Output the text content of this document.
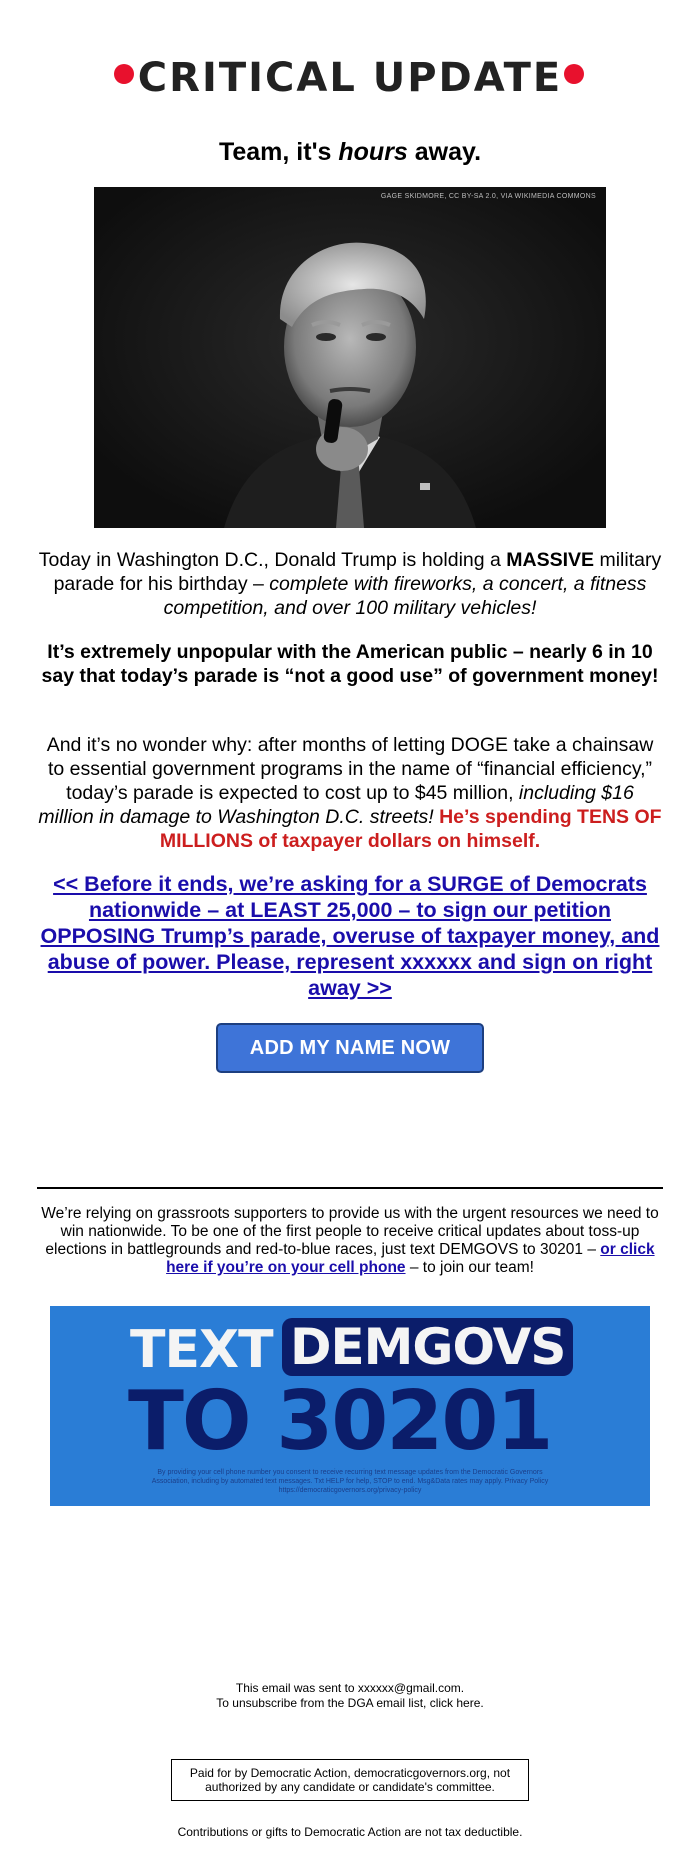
CRITICAL UPDATE
Team, it's hours away.
GAGE SKIDMORE, CC BY-SA 2.0, VIA WIKIMEDIA COMMONS
Today in Washington D.C., Donald Trump is holding a MASSIVE military parade for his birthday – complete with fireworks, a concert, a fitness competition, and over 100 military vehicles!
It’s extremely unpopular with the American public – nearly 6 in 10 say that today’s parade is “not a good use” of government money!
And it’s no wonder why: after months of letting DOGE take a chainsaw to essential government programs in the name of “financial efficiency,” today’s parade is expected to cost up to $45 million, including $16 million in damage to Washington D.C. streets! He’s spending TENS OF MILLIONS of taxpayer dollars on himself.
<< Before it ends, we’re asking for a SURGE of Democrats nationwide – at LEAST 25,000 – to sign our petition OPPOSING Trump’s parade, overuse of taxpayer money, and abuse of power. Please, represent xxxxxx and sign on right away >>
ADD MY NAME NOW
We’re relying on grassroots supporters to provide us with the urgent resources we need to win nationwide. To be one of the first people to receive critical updates about toss-up elections in battlegrounds and red-to-blue races, just text DEMGOVS to 30201 – or click here if you’re on your cell phone – to join our team!
TEXT DEMGOVS
TO 30201
By providing your cell phone number you consent to receive recurring text message updates from the Democratic Governors Association, including by automated text messages. Txt HELP for help, STOP to end. Msg&Data rates may apply. Privacy Policy https://democraticgovernors.org/privacy-policy
This email was sent to xxxxxx@gmail.com.
To unsubscribe from the DGA email list, click here.
Paid for by Democratic Action, democraticgovernors.org, not authorized by any candidate or candidate's committee.
Contributions or gifts to Democratic Action are not tax deductible.
